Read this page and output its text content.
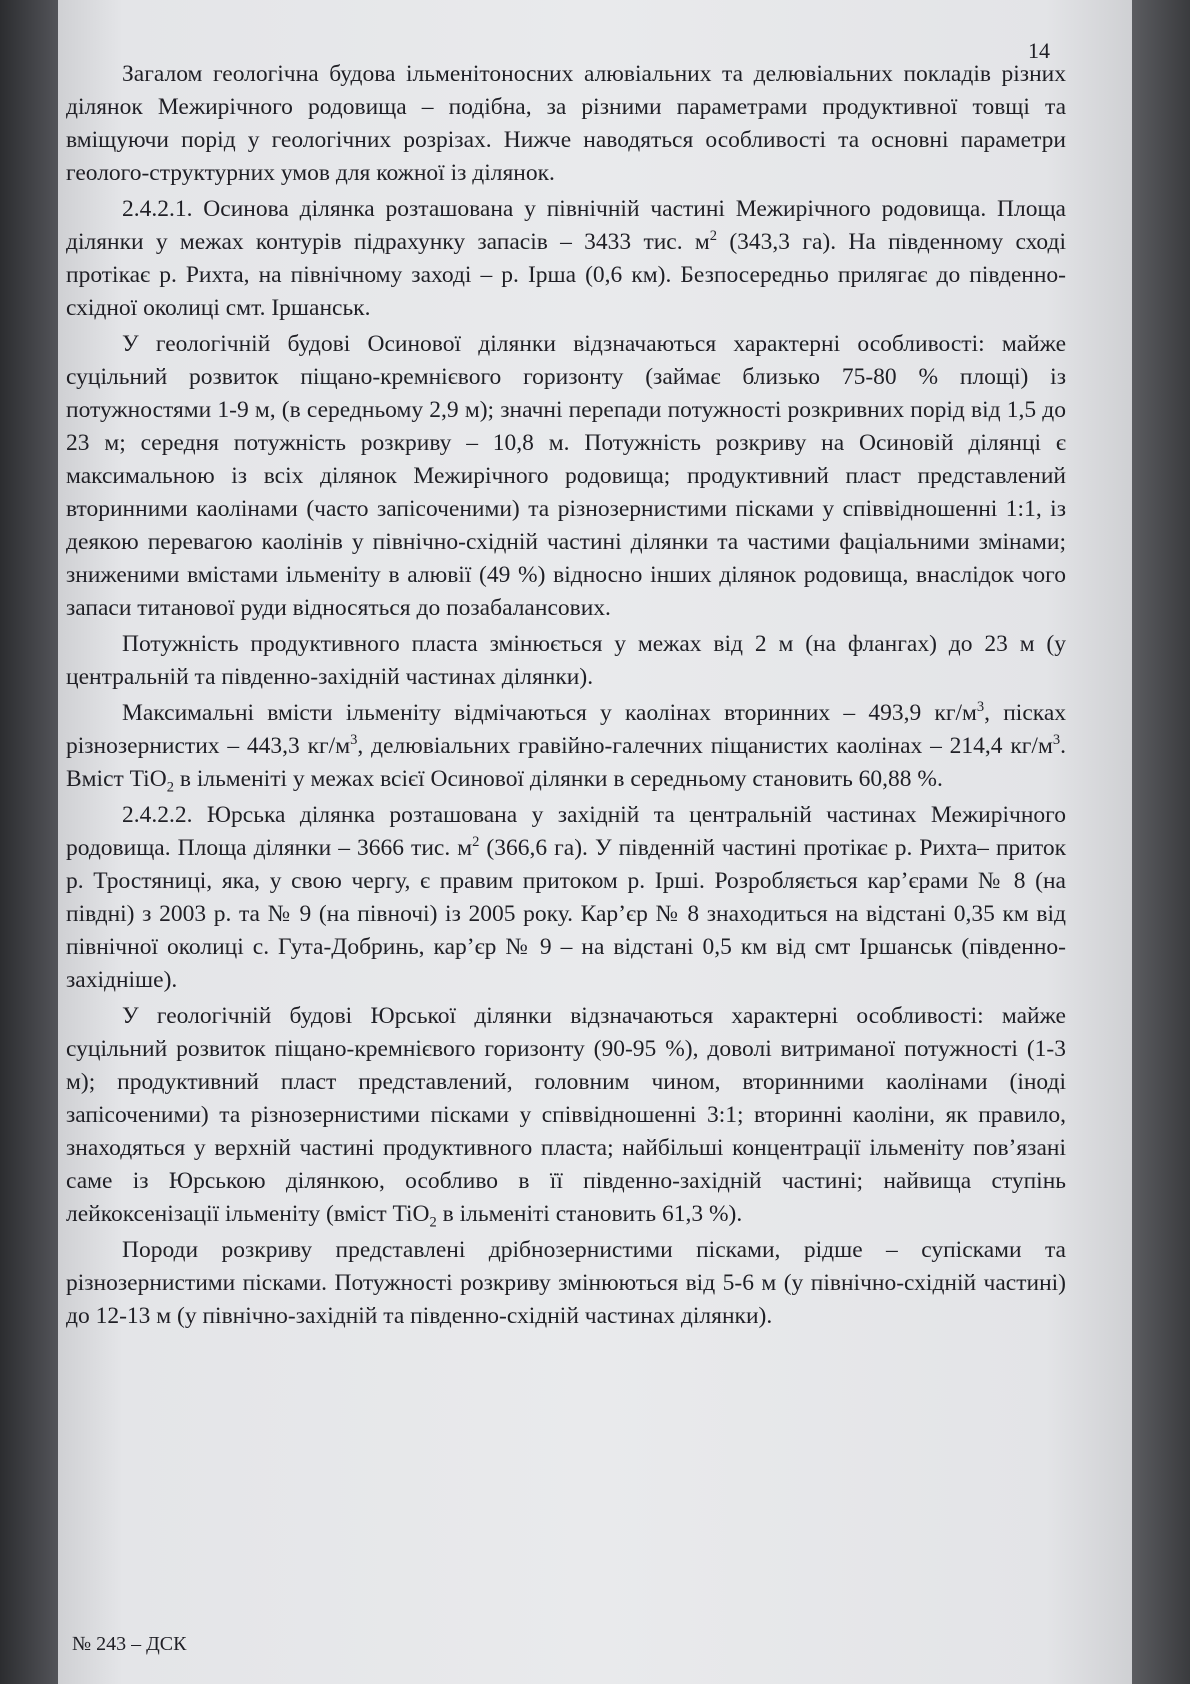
14

Загалом геологічна будова ільменітоносних алювіальних та делювіальних покладів різних ділянок Межирічного родовища – подібна, за різними параметрами продуктивної товщі та вміщуючи порід у геологічних розрізах. Нижче наводяться особливості та основні параметри геолого-структурних умов для кожної із ділянок.

2.4.2.1. Осинова ділянка розташована у північній частині Межирічного родовища. Площа ділянки у межах контурів підрахунку запасів – 3433 тис. $м^2$ (343,3 га). На південному сході протікає р. Рихта, на північному заході – р. Ірша (0,6 км). Безпосередньо прилягає до південно-східної околиці смт. Іршанськ.

У геологічній будові Осинової ділянки відзначаються характерні особливості: майже суцільний розвиток піщано-кремнієвого горизонту (займає близько 75-80 % площі) із потужностями 1-9 м, (в середньому 2,9 м); значні перепади потужності розкривних порід від 1,5 до 23 м; середня потужність розкриву – 10,8 м. Потужність розкриву на Осиновій ділянці є максимальною із всіх ділянок Межирічного родовища; продуктивний пласт представлений вторинними каолінами (часто запісоченими) та різнозернистими пісками у співвідношенні 1:1, із деякою перевагою каолінів у північно-східній частині ділянки та частими фаціальними змінами; зниженими вмістами ільменіту в алювії (49 %) відносно інших ділянок родовища, внаслідок чого запаси титанової руди відносяться до позабалансових.

Потужність продуктивного пласта змінюється у межах від 2 м (на флангах) до 23 м (у центральній та південно-західній частинах ділянки).

Максимальні вмісти ільменіту відмічаються у каолінах вторинних – 493,9 $кг/м^3$, пісках різнозернистих – 443,3 $кг/м^3$, делювіальних гравійно-галечних піщанистих каолінах – 214,4 $кг/м^3$. Вміст TiO$_2$ в ільменіті у межах всієї Осинової ділянки в середньому становить 60,88 %.

2.4.2.2. Юрська ділянка розташована у західній та центральній частинах Межирічного родовища. Площа ділянки – 3666 тис. $м^2$ (366,6 га). У південній частині протікає р. Рихта– приток р. Тростяниці, яка, у свою чергу, є правим притоком р. Ірші. Розробляється кар’єрами № 8 (на півдні) з 2003 р. та № 9 (на півночі) із 2005 року. Кар’єр № 8 знаходиться на відстані 0,35 км від північної околиці с. Гута-Добринь, кар’єр № 9 – на відстані 0,5 км від смт Іршанськ (південно-західніше).

У геологічній будові Юрської ділянки відзначаються характерні особливості: майже суцільний розвиток піщано-кремнієвого горизонту (90-95 %), доволі витриманої потужності (1-3 м); продуктивний пласт представлений, головним чином, вторинними каолінами (іноді запісоченими) та різнозернистими пісками у співвідношенні 3:1; вторинні каоліни, як правило, знаходяться у верхній частині продуктивного пласта; найбільші концентрації ільменіту пов’язані саме із Юрською ділянкою, особливо в її південно-західній частині; найвища ступінь лейкоксенізації ільменіту (вміст TiO$_2$ в ільменіті становить 61,3 %).

Породи розкриву представлені дрібнозернистими пісками, рідше – супісками та різнозернистими пісками. Потужності розкриву змінюються від 5-6 м (у північно-східній частині) до 12-13 м (у північно-західній та південно-східній частинах ділянки).

№ 243 – ДСК
